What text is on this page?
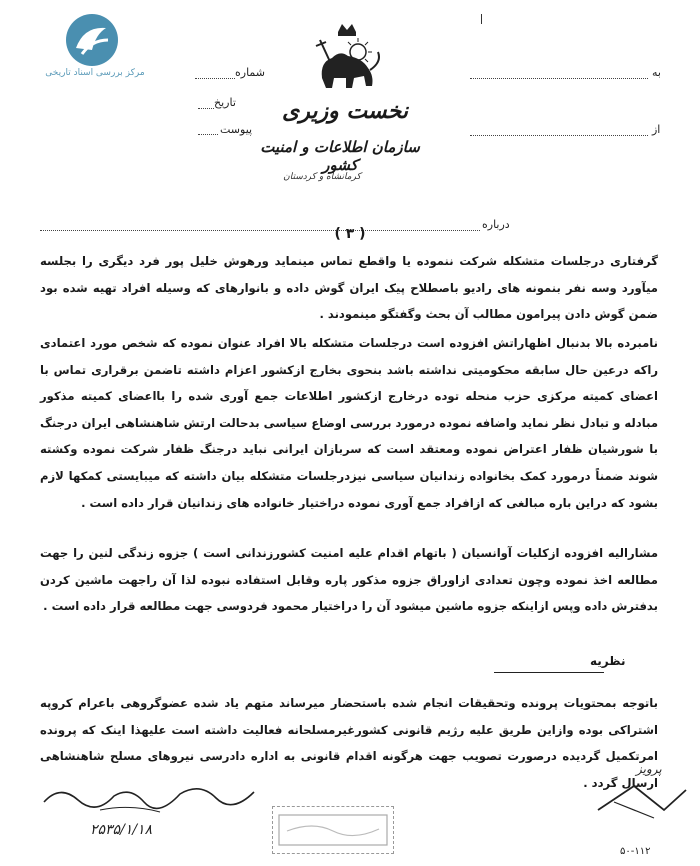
مرکز بررسی اسناد تاریخی	شماره
تاریخ
پیوست
به
از
نخست وزیری
سازمان اطلاعات و امنیت کشور
کرمانشاه و کردستان
درباره
( ۳ )
گرفتاری درجلسات متشکله شرکت ننموده یا واقطع تماس مینماید ورهوش خلیل پور فرد دیگری را بجلسه میآورد وسه نفر بنمونه های رادیو باصطلاح پیک ایران گوش داده و بانوارهای که وسیله افراد تهیه شده بود ضمن گوش دادن پیرامون مطالب آن بحث وگفتگو مینمودند .
نامبرده بالا بدنبال اظهاراتش افزوده است درجلسات متشکله بالا افراد عنوان نموده که شخص مورد اعتمادی راکه درعین حال سابقه محکومیتی نداشته باشد بنحوی بخارج ازکشور اعزام داشته تاضمن برقراری تماس با اعضای کمیته مرکزی حزب منحله توده درخارج ازکشور اطلاعات جمع آوری شده را بااعضای کمیته مذکور مبادله و تبادل نظر نماید واضافه نموده درمورد بررسی اوضاع سیاسی بدحالت ارتش شاهنشاهی ایران درجنگ با شورشیان ظفار اعتراض نموده ومعتقد است که سربازان ایرانی نباید درجنگ ظفار شرکت نموده وکشته شوند ضمناً درمورد کمک بخانواده زندانیان سیاسی نیزدرجلسات متشکله بیان داشته که میبایستی کمکها لازم بشود که دراین باره مبالغی که ازافراد جمع آوری نموده دراختیار خانواده های زندانیان قرار داده است .
مشارالیه افزوده ازکلیات آوانسیان ( باتهام اقدام علیه امنیت کشورزندانی است ) جزوه زندگی لنین را جهت مطالعه اخذ نموده وچون تعدادی ازاوراق جزوه مذکور پاره وقابل استفاده نبوده لذا آن راجهت ماشین کردن بدفترش داده وپس ازاینکه جزوه ماشین میشود آن را دراختیار محمود فردوسی جهت مطالعه قرار داده است .
نظریه
باتوجه بمحتویات پرونده وتحقیقات انجام شده باستحضار میرساند متهم یاد شده عضوگروهی باعرام کروپه اشتراکی بوده وازاین طریق علیه رژیم قانونی کشورغیرمسلحانه فعالیت داشته است علیهذا اینک که پرونده امرتکمیل گردیده درصورت تصویب جهت هرگونه اقدام قانونی به اداره دادرسی نیروهای مسلح شاهنشاهی ارسال گردد .
۲۵۳۵/۱/۱۸
پرویز
۵۰-۱۱۲
